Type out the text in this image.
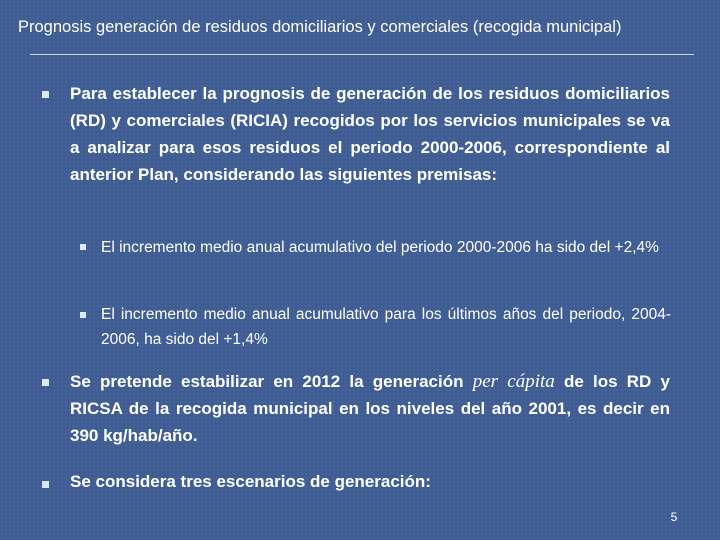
Prognosis generación de residuos domiciliarios y comerciales (recogida municipal)
Para establecer la prognosis de generación de los residuos domiciliarios (RD) y comerciales (RICIA) recogidos por los servicios municipales se va a analizar para esos residuos el periodo 2000-2006, correspondiente al anterior Plan, considerando las siguientes premisas:
El incremento medio anual acumulativo del periodo 2000-2006 ha sido del +2,4%
El incremento medio anual acumulativo para los últimos años del periodo, 2004-2006, ha sido del +1,4%
Se pretende estabilizar en 2012 la generación per cápita de los RD y RICSA de la recogida municipal en los niveles del año 2001, es decir en 390 kg/hab/año.
Se considera tres escenarios de generación:
5
